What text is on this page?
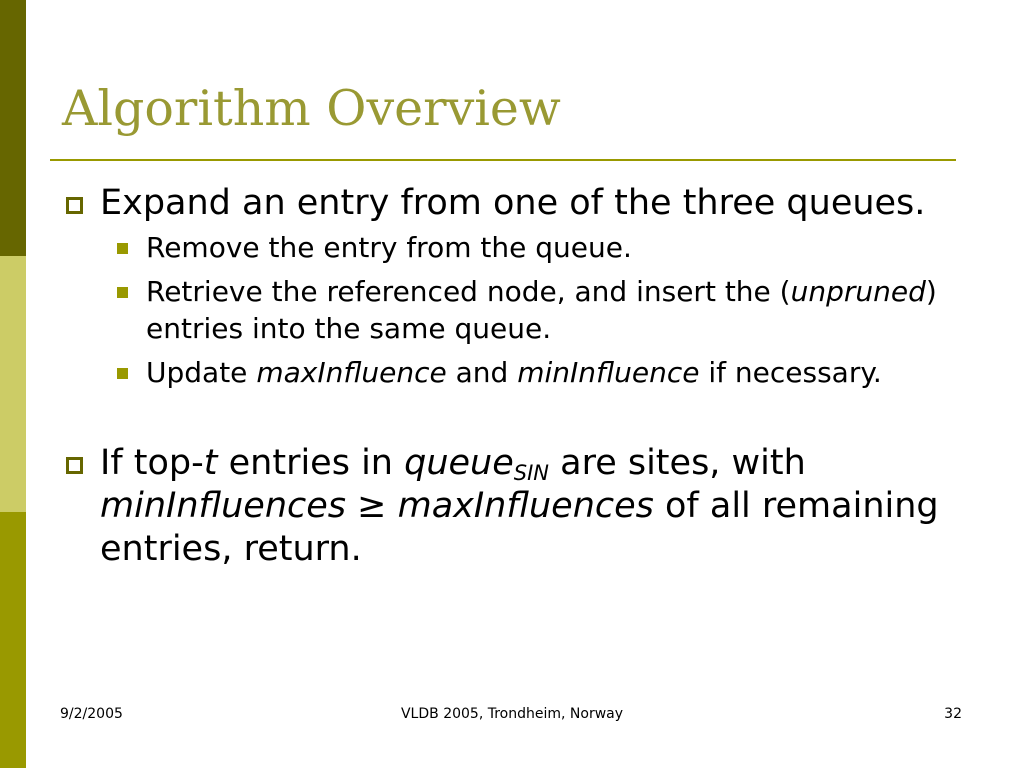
Algorithm Overview
Expand an entry from one of the three queues.
Remove the entry from the queue.
Retrieve the referenced node, and insert the (unpruned) entries into the same queue.
Update maxInfluence and minInfluence if necessary.
If top-t entries in queue$_{SIN}$ are sites, with minInfluences ≥ maxInfluences of all remaining entries, return.
9/2/2005	VLDB 2005, Trondheim, Norway	32
